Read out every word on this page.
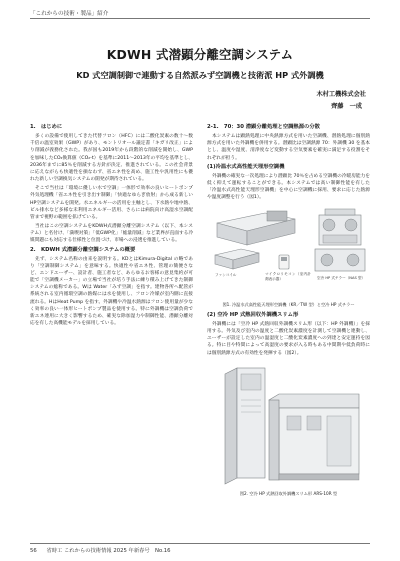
「これからの技術・製品」紹介
KDWH 式潜顕分離空調システム
KD 式空調制御で連動する自然派みず空調機と技術派 HP 式外調機
木村工機株式会社
齊藤　一成
1.　はじめに
多くの設備で使用してきた代替フロン（HFC）には二酸化炭素の数十～数千倍の温室効果（GWP）があり、モントリオール議定書「キガリ改正」により削減が義務化された。我が国も2019年から段階的な削減を開始し、GWPを加味したCO₂換算値（CO₂-t）を基準に2011～2013年の平均を基準とし、2036年までに85％を削減する方針が決定、推進されている。この社会背景に応えながらも快適性を損なわず、省エネ性を高め、施工性や汎用性にも優れた新しい空調換気システムの開発が期待されている。
そこで当社は「環境に優しい水で空調」一体形で効率の良いヒートポンプ外気処理機「省エネ性を引き出す制御」「快適なゆらぎ放射」から成る新しいHP空調システムを開発。水エネルギーの活用を主軸とし、下水熱や地中熱、ビル排水など多様な未利用エネルギー活用、さらには病院向け高湿水空調配管まで視野の範囲を拡げている。
当社はこの空調システムをKDWH式潜顕分離空調システム（以下、本システム）と名付け、「満喫対策」「低GWP化」「総量削減」など業界が直面する冷媒問題にも対応する仕様性と位置づけ、市場への浸透を推進している。
2.　KDWH 式潜顕分離空調システムの概要
先ず、システム名称の由来を説明する。KDとはKimura-Digital の略であり「空調制御システム」を意味する。快適性や省エネ性、管理の簡便さなど、エンドユーザー、設計者、施工者など、あらゆるお客様の意見集約が可能で「空調機メーカー」の立場で当社が培う手法に練り積み上げてきた制御システムの総称である。Wは Water「みず空調」を指す。建物各所へ配管が系統される室内循環空調の熱媒には水を使用し、フロン冷媒が室内側に直接流れる。HはHeat Pump を指す。外調機や冷温水熱源はフロン使用量が少なく効率の良い一体形ヒートポンプ製品を使用する。特に外調機は空調負荷で新エネ連用に大きく影響するため、確実な除加湿力や制御性能、潜顕分離対応を有した高機能モデルを採用している。
2-1.　70：30 潜顕分離処理と空調熱源の分散
本システムは顕熱処理に中央熱源方式を用いた空調機、潜熱処理に個別熱源方式を用いた外調機を併用する。潜顕比は空調熱源 70：外調機 30 を基本とし、温度や湿度、清浄度など変動する空気要素を確実に満足する役割をそれぞれが担う。
(1)冷温水式高性能天埋形空調機
外調機の確実な一次処理により潜顕比 70％を占める空調機の冷暖房能力を低く抑えて運転することができる。本システムでは高い制御性能を有した「冷温水式高性能天埋形空調機」を中心に空調機に採用、要求に応じた熱源や温度調整を行う（図1）。
ファンコイル	マイクロリモコン（室内計測表示器）	空冷 HP 式チラー（NAS 型）
図1. 冷温水式高性能天埋形空調機（KR／TW 型）と空冷 HP 式チラー
(2) 空冷 HP 式熱回収外調機スリム形
外調機には「空冷 HP 式熱回収外調機スリム形（以下：HP 外調機）」を採用する。外気及び室内の温度と二酸化炭素濃度を計測して空調機と連動し、ユーザーが設定した室内の温湿度と二酸化炭素濃度への到達と安定運持を図る。特に目や特間によって高湿度の要求が入る時もある中間期や低負荷時には個別熱源方式の有効性を発揮する（図2）。
図2. 空冷 HP 式熱回収外調機スリム形 ARS-10R 型
56 省時工 これからの技術情報 2025 年新春号　No.16
